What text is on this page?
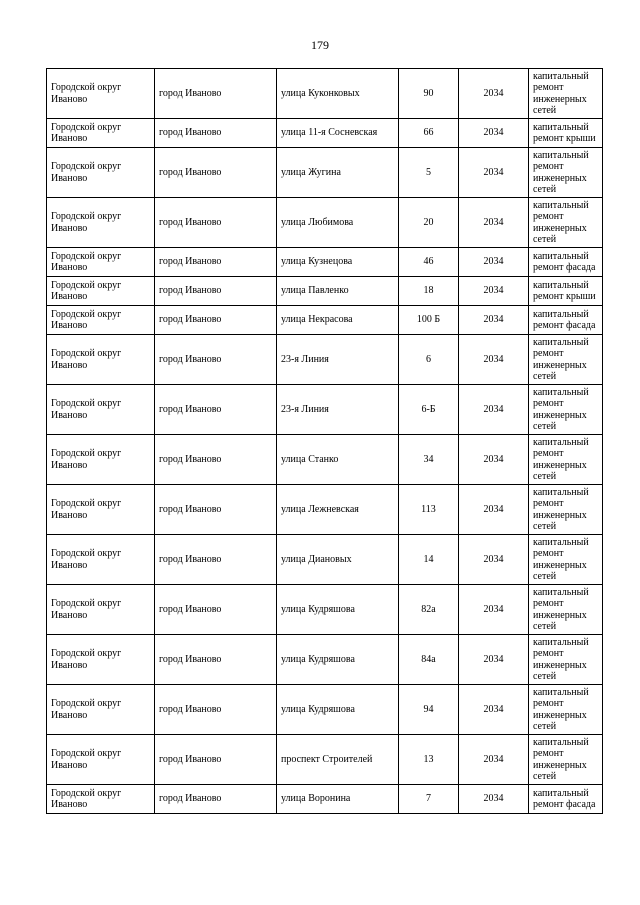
179
Городской округ Иваново	город Иваново	улица Куконковых	90	2034	капитальный ремонт инженерных сетей
Городской округ Иваново	город Иваново	улица 11-я Сосневская	66	2034	капитальный ремонт крыши
Городской округ Иваново	город Иваново	улица Жугина	5	2034	капитальный ремонт инженерных сетей
Городской округ Иваново	город Иваново	улица Любимова	20	2034	капитальный ремонт инженерных сетей
Городской округ Иваново	город Иваново	улица Кузнецова	46	2034	капитальный ремонт фасада
Городской округ Иваново	город Иваново	улица Павленко	18	2034	капитальный ремонт крыши
Городской округ Иваново	город Иваново	улица Некрасова	100 Б	2034	капитальный ремонт фасада
Городской округ Иваново	город Иваново	23-я Линия	6	2034	капитальный ремонт инженерных сетей
Городской округ Иваново	город Иваново	23-я Линия	6-Б	2034	капитальный ремонт инженерных сетей
Городской округ Иваново	город Иваново	улица Станко	34	2034	капитальный ремонт инженерных сетей
Городской округ Иваново	город Иваново	улица Лежневская	113	2034	капитальный ремонт инженерных сетей
Городской округ Иваново	город Иваново	улица Диановых	14	2034	капитальный ремонт инженерных сетей
Городской округ Иваново	город Иваново	улица Кудряшова	82а	2034	капитальный ремонт инженерных сетей
Городской округ Иваново	город Иваново	улица Кудряшова	84а	2034	капитальный ремонт инженерных сетей
Городской округ Иваново	город Иваново	улица Кудряшова	94	2034	капитальный ремонт инженерных сетей
Городской округ Иваново	город Иваново	проспект Строителей	13	2034	капитальный ремонт инженерных сетей
Городской округ Иваново	город Иваново	улица Воронина	7	2034	капитальный ремонт фасада
